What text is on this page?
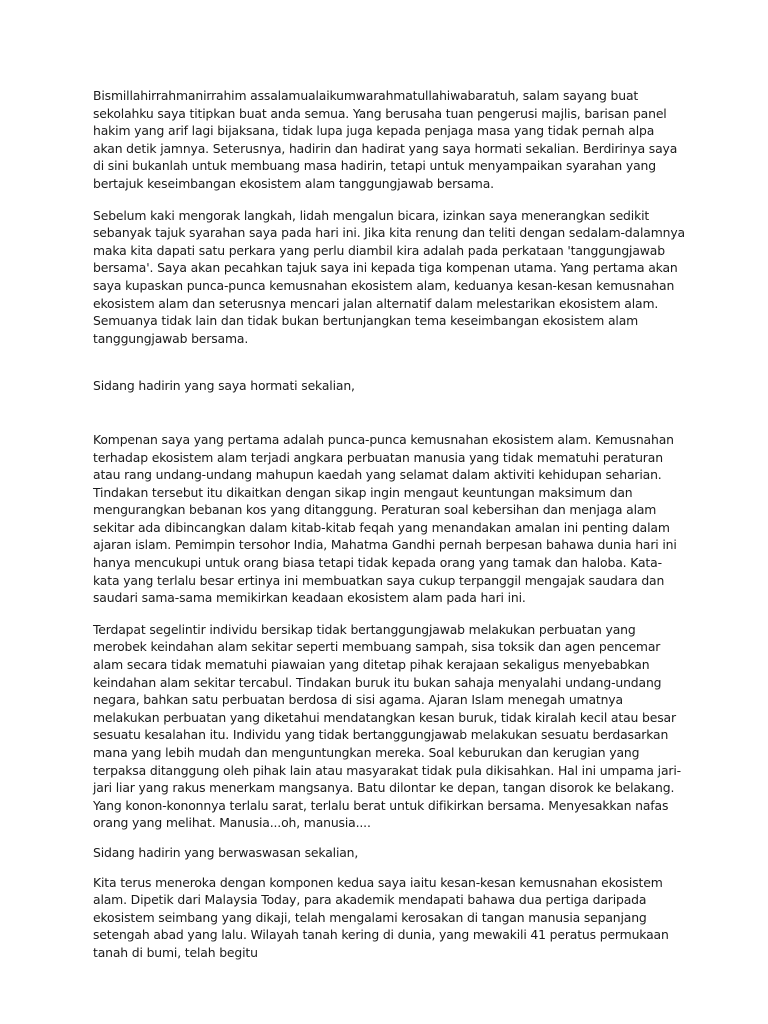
Bismillahirrahmanirrahim assalamualaikumwarahmatullahiwabaratuh, salam sayang buat sekolahku saya titipkan buat anda semua. Yang berusaha tuan pengerusi majlis, barisan panel hakim yang arif lagi bijaksana, tidak lupa juga kepada penjaga masa yang tidak pernah alpa akan detik jamnya. Seterusnya, hadirin dan hadirat yang saya hormati sekalian. Berdirinya saya di sini bukanlah untuk membuang masa hadirin, tetapi untuk menyampaikan syarahan yang bertajuk keseimbangan ekosistem alam tanggungjawab bersama.

Sebelum kaki mengorak langkah, lidah mengalun bicara, izinkan saya menerangkan sedikit sebanyak tajuk syarahan saya pada hari ini. Jika kita renung dan teliti dengan sedalam-dalamnya maka kita dapati satu perkara yang perlu diambil kira adalah pada perkataan 'tanggungjawab bersama'. Saya akan pecahkan tajuk saya ini kepada tiga kompenan utama. Yang pertama akan saya kupaskan punca-punca kemusnahan ekosistem alam, keduanya kesan-kesan kemusnahan ekosistem alam dan seterusnya mencari jalan alternatif dalam melestarikan ekosistem alam. Semuanya tidak lain dan tidak bukan bertunjangkan tema keseimbangan ekosistem alam tanggungjawab bersama.

Sidang hadirin yang saya hormati sekalian,

Kompenan saya yang pertama adalah punca-punca kemusnahan ekosistem alam. Kemusnahan terhadap ekosistem alam terjadi angkara perbuatan manusia yang tidak mematuhi peraturan atau rang undang-undang mahupun kaedah yang selamat dalam aktiviti kehidupan seharian. Tindakan tersebut itu dikaitkan dengan sikap ingin mengaut keuntungan maksimum dan mengurangkan bebanan kos yang ditanggung. Peraturan soal kebersihan dan menjaga alam sekitar ada dibincangkan dalam kitab-kitab feqah yang menandakan amalan ini penting dalam ajaran islam. Pemimpin tersohor India, Mahatma Gandhi pernah berpesan bahawa dunia hari ini hanya mencukupi untuk orang biasa tetapi tidak kepada orang yang tamak dan haloba. Kata-kata yang terlalu besar ertinya ini membuatkan saya cukup terpanggil mengajak saudara dan saudari sama-sama memikirkan keadaan ekosistem alam pada hari ini.

Terdapat segelintir individu bersikap tidak bertanggungjawab melakukan perbuatan yang merobek keindahan alam sekitar seperti membuang sampah, sisa toksik dan agen pencemar alam secara tidak mematuhi piawaian yang ditetap pihak kerajaan sekaligus menyebabkan keindahan alam sekitar tercabul. Tindakan buruk itu bukan sahaja menyalahi undang-undang negara, bahkan satu perbuatan berdosa di sisi agama. Ajaran Islam menegah umatnya melakukan perbuatan yang diketahui mendatangkan kesan buruk, tidak kiralah kecil atau besar sesuatu kesalahan itu. Individu yang tidak bertanggungjawab melakukan sesuatu berdasarkan mana yang lebih mudah dan menguntungkan mereka. Soal keburukan dan kerugian yang terpaksa ditanggung oleh pihak lain atau masyarakat tidak pula dikisahkan. Hal ini umpama jari-jari liar yang rakus menerkam mangsanya. Batu dilontar ke depan, tangan disorok ke belakang. Yang konon-kononnya terlalu sarat, terlalu berat untuk difikirkan bersama. Menyesakkan nafas orang yang melihat. Manusia...oh, manusia....

Sidang hadirin yang berwaswasan sekalian,

Kita terus meneroka dengan komponen kedua saya iaitu kesan-kesan kemusnahan ekosistem alam. Dipetik dari Malaysia Today, para akademik mendapati bahawa dua pertiga daripada ekosistem seimbang yang dikaji, telah mengalami kerosakan di tangan manusia sepanjang setengah abad yang lalu. Wilayah tanah kering di dunia, yang mewakili 41 peratus permukaan tanah di bumi, telah begitu
